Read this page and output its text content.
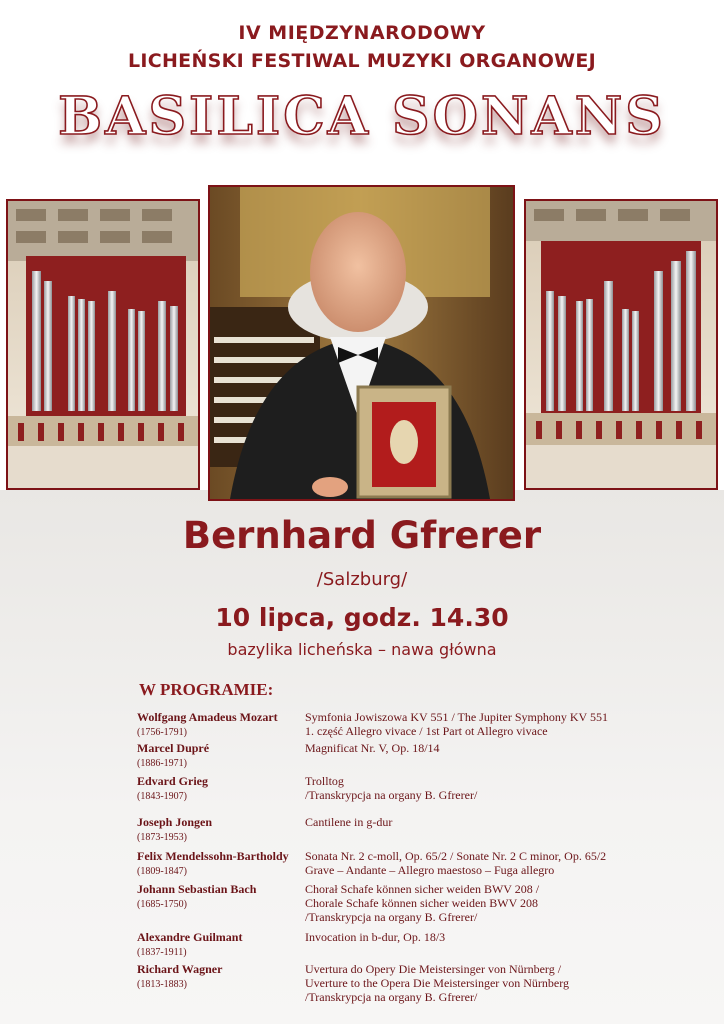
IV MIĘDZYNARODOWY
LICHEŃSKI FESTIWAL MUZYKI ORGANOWEJ
BASILICA SONANS
Bernhard Gfrerer
/Salzburg/
10 lipca, godz. 14.30
bazylika licheńska – nawa główna
W PROGRAMIE:
Wolfgang Amadeus Mozart
(1756-1791)
Symfonia Jowiszowa KV 551 / The Jupiter Symphony KV 551
1. część Allegro vivace / 1st Part ot Allegro vivace
Marcel Dupré
(1886-1971)
Magnificat Nr. V, Op. 18/14
Edvard Grieg
(1843-1907)
Trolltog
/Transkrypcja na organy B. Gfrerer/
Joseph Jongen
(1873-1953)
Cantilene in g-dur
Felix Mendelssohn-Bartholdy
(1809-1847)
Sonata Nr. 2 c-moll, Op. 65/2 / Sonate Nr. 2 C minor, Op. 65/2
Grave – Andante – Allegro maestoso – Fuga allegro
Johann Sebastian Bach
(1685-1750)
Chorał Schafe können sicher weiden BWV 208 /
Chorale Schafe können sicher weiden BWV 208
/Transkrypcja na organy B. Gfrerer/
Alexandre Guilmant
(1837-1911)
Invocation in b-dur, Op. 18/3
Richard Wagner
(1813-1883)
Uvertura do Opery Die Meistersinger von Nürnberg /
Uverture to the Opera Die Meistersinger von Nürnberg
/Transkrypcja na organy B. Gfrerer/
